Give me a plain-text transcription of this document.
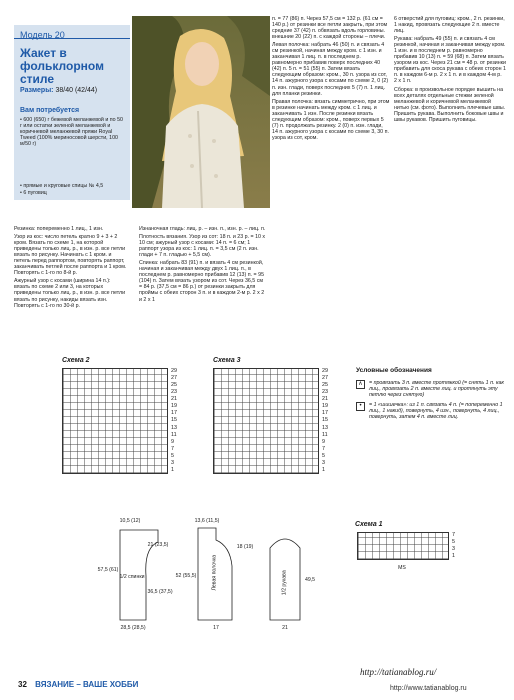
Модель 20
Жакет в фольклорном стиле
Размеры: 38/40 (42/44)
Вам потребуется
• 600 (650) г бежевой меланжевой и по 50 г или остатки зеленой меланжевой и коричневой меланжевой пряжи Royal Tweed (100% мериносовой шерсти, 100 м/50 г)
• прямые и круговые спицы № 4,5
• 6 пуговиц

Резинка: попеременно 1 лиц., 1 изн.

Узор из кос: число петель кратно 9 + 3 + 2 кром. Вязать по схеме 1, на которой приведены только лиц. р., в изн. р. все петли вязать по рисунку. Начинать с 1 кром. и петель перед раппортом, повторять раппорт, заканчивать петлей после раппорта и 1 кром. Повторять с 1-го по 8-й р.

Ажурный узор с косами (ширина 14 п.): вязать по схеме 2 или 3, на которых приведены только лиц. р., в изн. р. все петли вязать по рисунку, накиды вязать изн. Повторять с 1-го по 30-й р.

Изнаночная гладь: лиц. р. – изн. п., изн. р. – лиц. п.

Плотность вязания. Узор из сот: 18 п. и 23 р. = 10 x 10 см; ажурный узор с косами: 14 п. = 6 см; 1 раппорт узора из кос: 1 лиц. п. = 3,5 см (2 п. изн. глади + 7 п. гладью + 5,5 см).

Спинка: набрать 83 (91) п. и вязать 4 см резинкой, начиная и заканчивая между двух 1 лиц. п., в последнем р. равномерно прибавив 12 (13) п. = 95 (104) п. Затем вязать узором из сот. Через 36,5 см = 84 р. (37,5 см = 86 р.) от резинки закрыть для проймы с обеих сторон 3 п. и в каждом 2-м р. 2 x 2 и 2 x 1

п. = 77 (86) п. Через 57,5 см = 132 р. (61 см = 140 р.) от резинки все петли закрыть, при этом средние 37 (42) п. обвязать вдоль горловины. внешние 20 (22) п. с каждой стороны – плечи.

Левая полочка: набрать 46 (50) п. и связать 4 см резинкой, начиная между кром. с 1 изн. и заканчивая 1 лиц. п. в последнем р. равномерно прибавив поверх последних 40 (42) п. 5 п. = 51 (55) п. Затем вязать следующим образом: кром., 30 п. узора из сот, 14 п. ажурного узора с косами по схеме 2, 0 (2) п. изн. глади, поверх последних 5 (7) п. 1 лиц. для планки резинки.

Правая полочка: вязать симметрично, при этом в резинке начинать между кром. с 1 лиц. и заканчивать 1 изн. После резинки вязать следующим образом: кром., поверх первых 5 (7) п. продолжать резинку. 2 (0) п. изн. глади, 14 п. ажурного узора с косами по схеме 3, 30 п. узора из сот, кром.

6 отверстий для пуговиц: кром., 2 п. резинки, 1 накид, провязать следующие 2 п. вместе лиц.

Рукава: набрать 49 (55) п. и связать 4 см резинкой, начиная и заканчивая между кром. 1 изн. и в последнем р. равномерно прибавив 10 (13) п. = 59 (68) п. Затем вязать узором из кос. Через 21 см = 48 р. от резинки прибавить для скоса рукава с обеих сторон 1 п. в каждом 6-м р. 2 x 1 п. и в каждом 4-м р. 2 x 1 п.

Сборка: в произвольное порядке вышить на всех деталях отдельные стежки зеленой меланжевой и коричневой меланжевой нитью (см. фото). Выполнить плечевые швы. Пришить рукава. Выполнить боковые швы и швы рукавов. Пришить пуговицы.

Схема 2
29
27
25
23
21
19
17
15
13
11
9
7
5
3
1
Схема 3
29
27
25
23
21
19
17
15
13
11
9
7
5
3
1
Условные обозначения
∧	= провязать 3 п. вместе протяжкой (= снять 1 п. как лиц., провязать 2 п. вместе лиц. и протянуть эту петлю через снятую)
•	= 1 «шишечка»: из 1 п. связать 4 п. (= попеременно 1 лиц., 1 накид), повернуть, 4 изн., повернуть, 4 лиц., повернуть, затем 4 п. вместе лиц.
Схема 1
7
5
3
1
MS
1/2 спинки	Левая полочка	1/2 рукава
10,5 (12)
21 (23,5)
57,5 (61)
36,5 (37,5)
28,5 (28,5)
13,6 (11,5)
52 (55,5)
18 (19)
17
49,5
21
32 ВЯЗАНИЕ – ВАШЕ ХОББИ
http://tatianablog.ru/
http://www.tatianablog.ru
